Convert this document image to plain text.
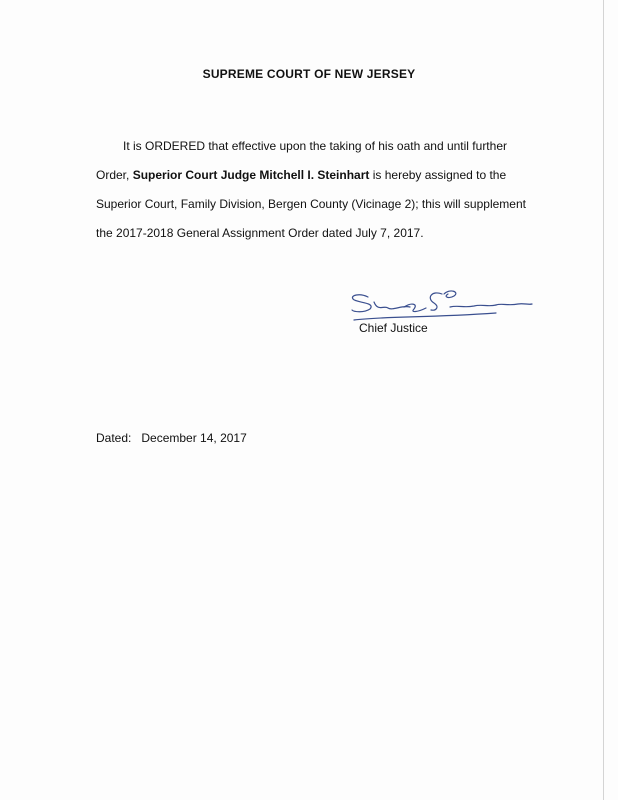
SUPREME COURT OF NEW JERSEY
It is ORDERED that effective upon the taking of his oath and until further Order, Superior Court Judge Mitchell I. Steinhart is hereby assigned to the Superior Court, Family Division, Bergen County (Vicinage 2); this will supplement the 2017-2018 General Assignment Order dated July 7, 2017.
Chief Justice
Dated: December 14, 2017
